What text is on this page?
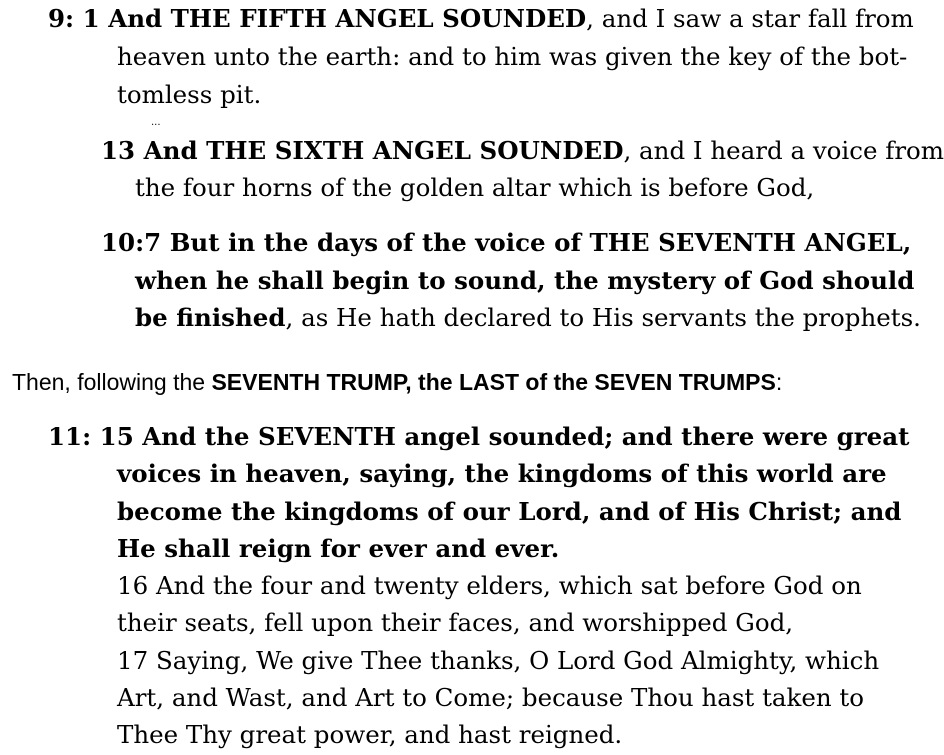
9: 1 And THE FIFTH ANGEL SOUNDED, and I saw a star fall from
heaven unto the earth: and to him was given the key of the bot-
tomless pit.
...
13 And THE SIXTH ANGEL SOUNDED, and I heard a voice from
the four horns of the golden altar which is before God,
10:7 But in the days of the voice of THE SEVENTH ANGEL,
when he shall begin to sound, the mystery of God should
be finished, as He hath declared to His servants the prophets.
Then, following the SEVENTH TRUMP, the LAST of the SEVEN TRUMPS:
11: 15 And the SEVENTH angel sounded; and there were great
voices in heaven, saying, the kingdoms of this world are
become the kingdoms of our Lord, and of His Christ; and
He shall reign for ever and ever.
16 And the four and twenty elders, which sat before God on
their seats, fell upon their faces, and worshipped God,
17 Saying, We give Thee thanks, O Lord God Almighty, which
Art, and Wast, and Art to Come; because Thou hast taken to
Thee Thy great power, and hast reigned.
